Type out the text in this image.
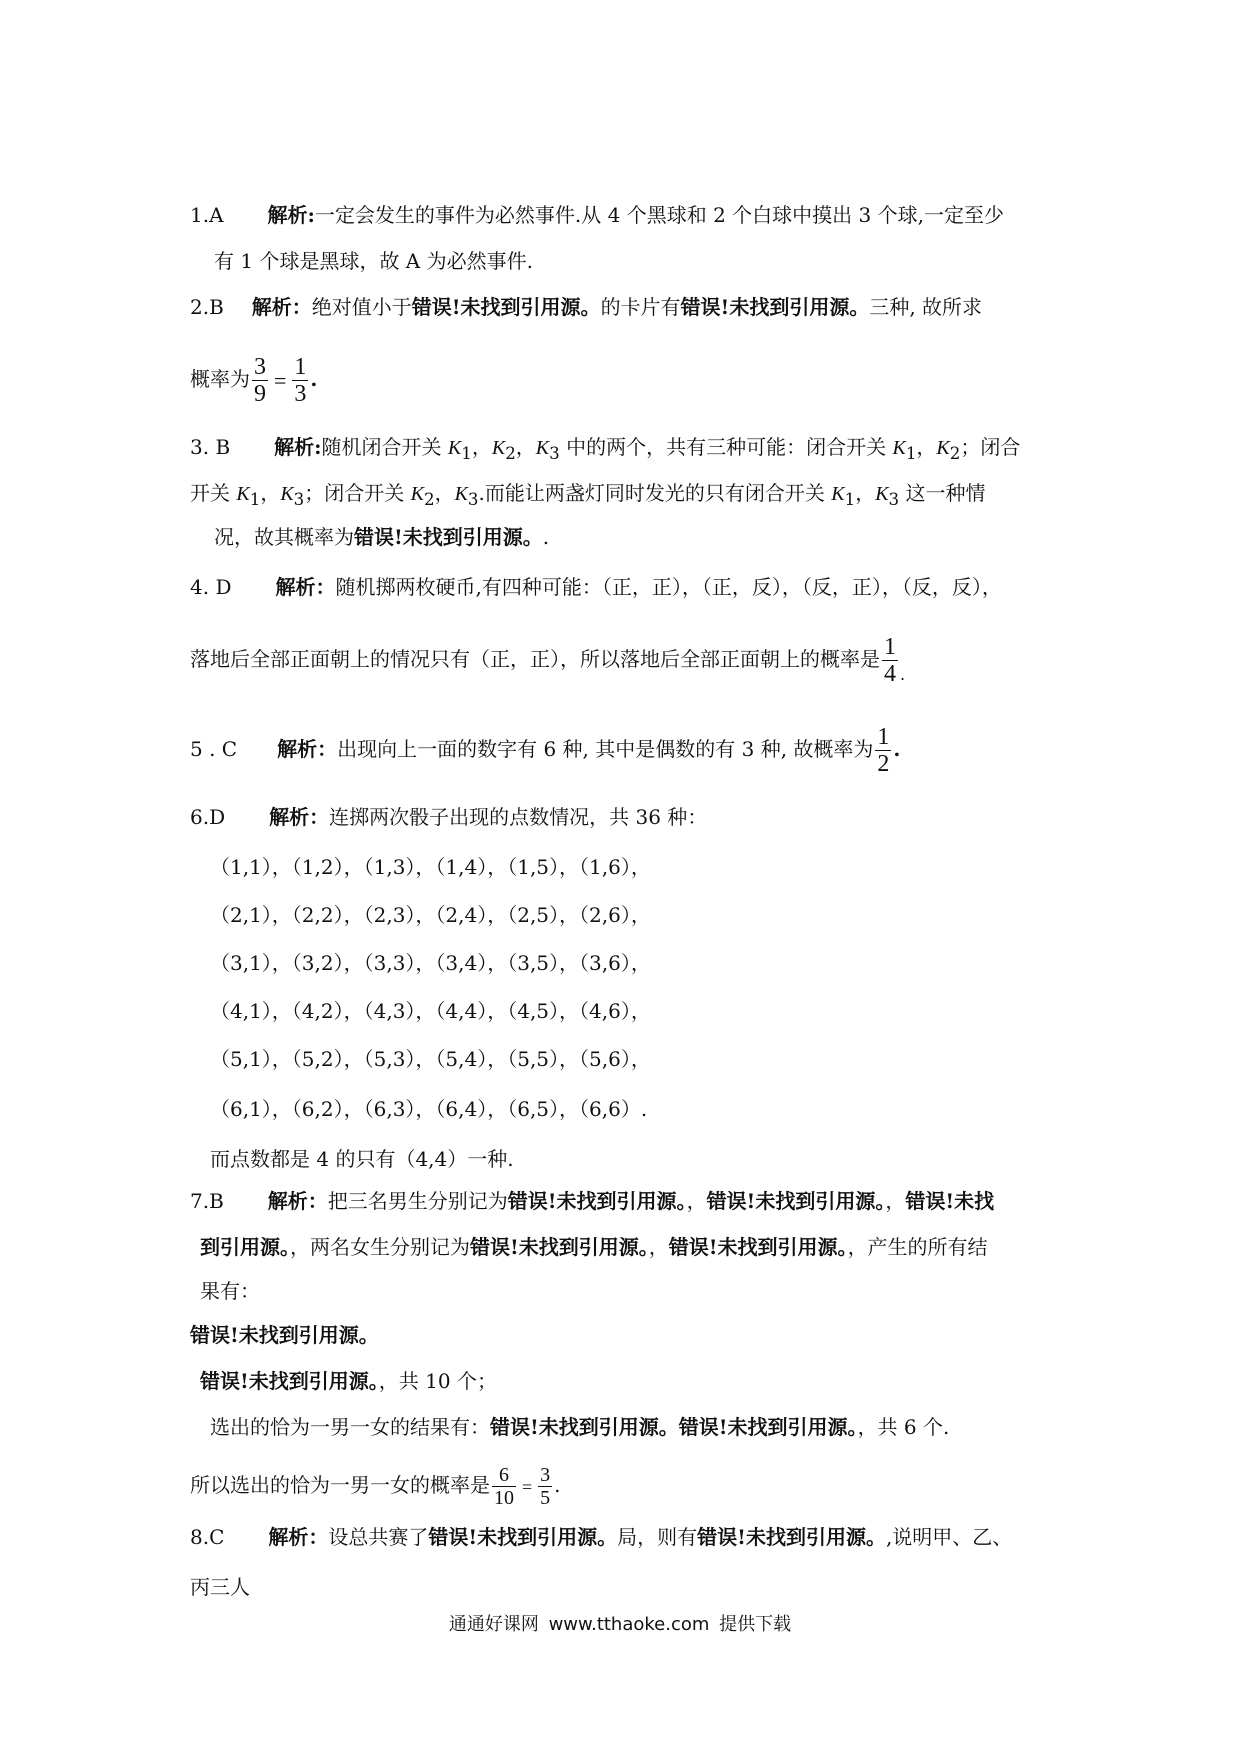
1.A 解析:一定会发生的事件为必然事件.从 4 个黑球和 2 个白球中摸出 3 个球,一定至少
有 1 个球是黑球，故 A 为必然事件.
2.B 解析：绝对值小于错误!未找到引用源。的卡片有错误!未找到引用源。三种, 故所求
概率为 $\frac{3}{9} = \frac{1}{3}$ .
3. B 解析:随机闭合开关 $K_1$，$K_2$，$K_3$ 中的两个，共有三种可能：闭合开关 $K_1$，$K_2$；闭合
开关 $K_1$，$K_3$；闭合开关 $K_2$，$K_3$.而能让两盏灯同时发光的只有闭合开关 $K_1$，$K_3$ 这一种情
况，故其概率为错误!未找到引用源。.
4. D 解析：随机掷两枚硬币,有四种可能：（正，正），（正，反），（反，正），（反，反），
落地后全部正面朝上的情况只有（正，正），所以落地后全部正面朝上的概率是 $\frac{1}{4} _.$
5 . C 解析：出现向上一面的数字有 6 种, 其中是偶数的有 3 种, 故概率为 $\frac{1}{2}$ .
6.D 解析：连掷两次骰子出现的点数情况，共 36 种：
（1,1），（1,2），（1,3），（1,4），（1,5），（1,6），
（2,1），（2,2），（2,3），（2,4），（2,5），（2,6），
（3,1），（3,2），（3,3），（3,4），（3,5），（3,6），
（4,1），（4,2），（4,3），（4,4），（4,5），（4,6），
（5,1），（5,2），（5,3），（5,4），（5,5），（5,6），
（6,1），（6,2），（6,3），（6,4），（6,5），（6,6）.
而点数都是 4 的只有（4,4）一种.
7.B 解析：把三名男生分别记为错误!未找到引用源。，错误!未找到引用源。，错误!未找
到引用源。，两名女生分别记为错误!未找到引用源。，错误!未找到引用源。，产生的所有结
果有：
错误!未找到引用源。
错误!未找到引用源。，共 10 个；
选出的恰为一男一女的结果有：错误!未找到引用源。错误!未找到引用源。，共 6 个.
所以选出的恰为一男一女的概率是 $\frac{6}{10} = \frac{3}{5}$ .
8.C 解析：设总共赛了错误!未找到引用源。局，则有错误!未找到引用源。,说明甲、乙、
丙三人
通通好课网 www.tthaoke.com 提供下载
